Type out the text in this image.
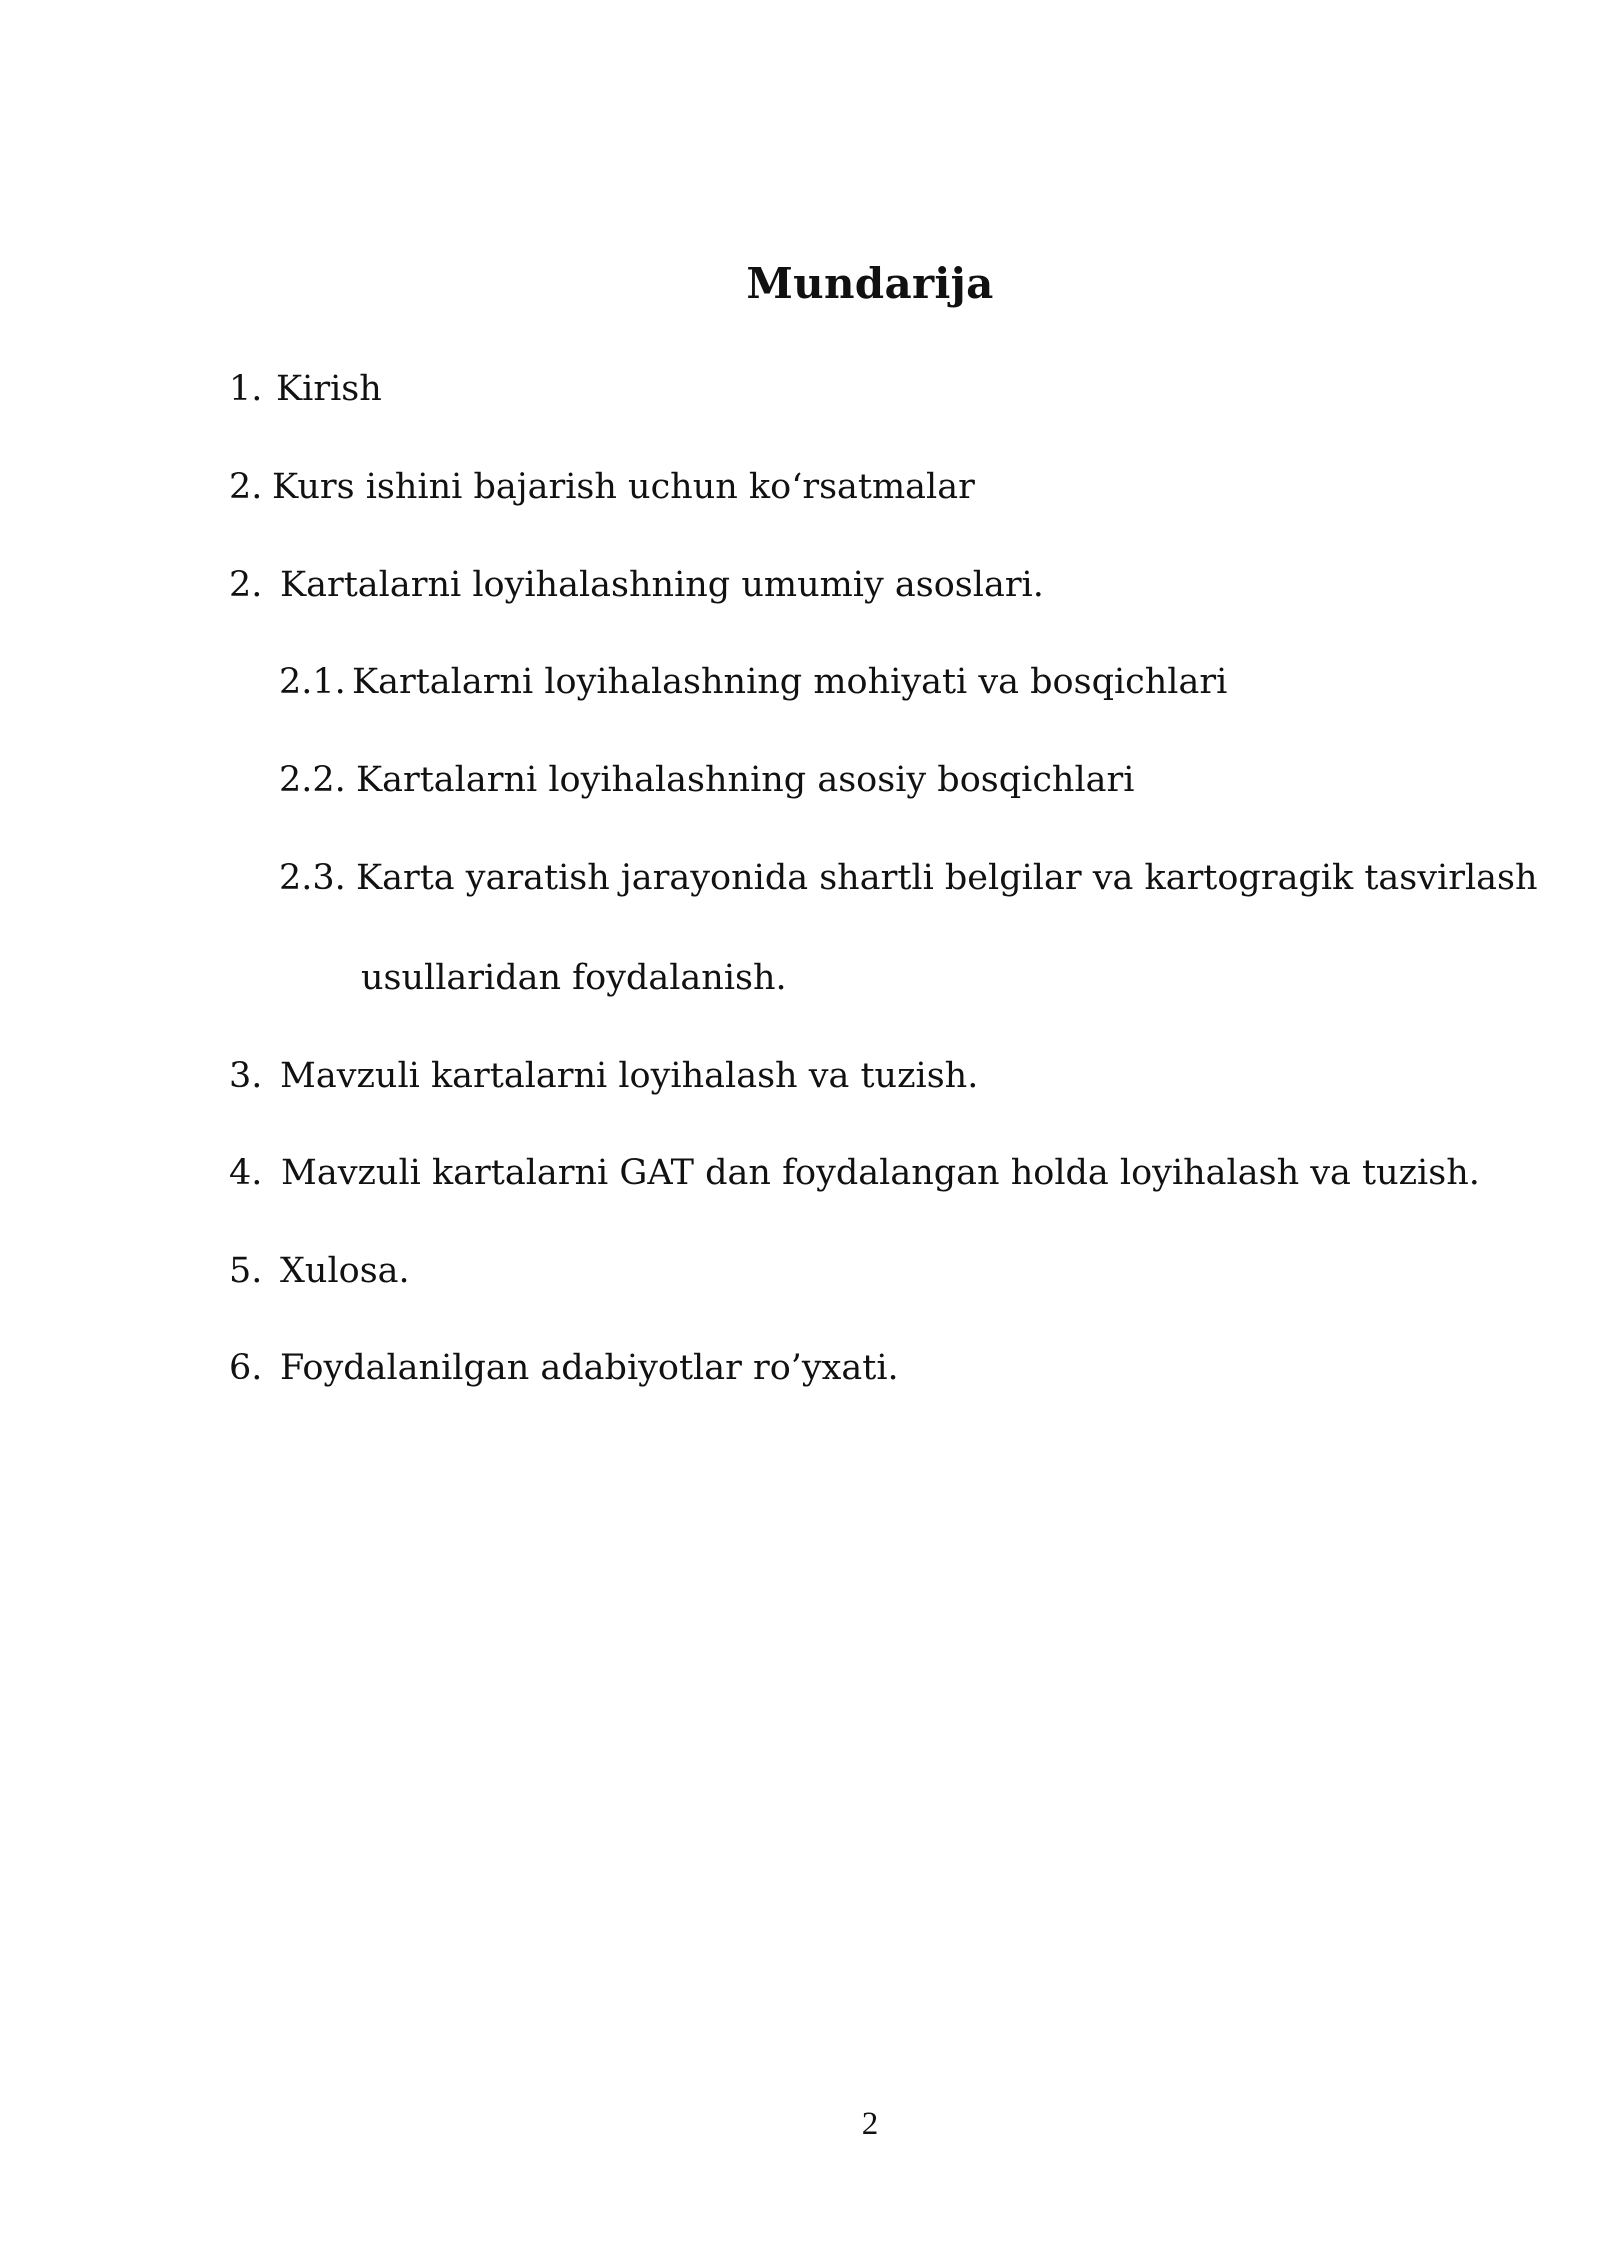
Mundarija
1. Kirish
2. Kurs ishini bajarish uchun koʻrsatmalar
2. Kartalarni loyihalashning umumiy asoslari.
2.1. Kartalarni loyihalashning mohiyati va bosqichlari
2.2. Kartalarni loyihalashning asosiy bosqichlari
2.3. Karta yaratish jarayonida shartli belgilar va kartogragik tasvirlash
usullaridan foydalanish.
3. Mavzuli kartalarni loyihalash va tuzish.
4. Mavzuli kartalarni GAT dan foydalangan holda loyihalash va tuzish.
5. Xulosa.
6. Foydalanilgan adabiyotlar ro’yxati.
2
